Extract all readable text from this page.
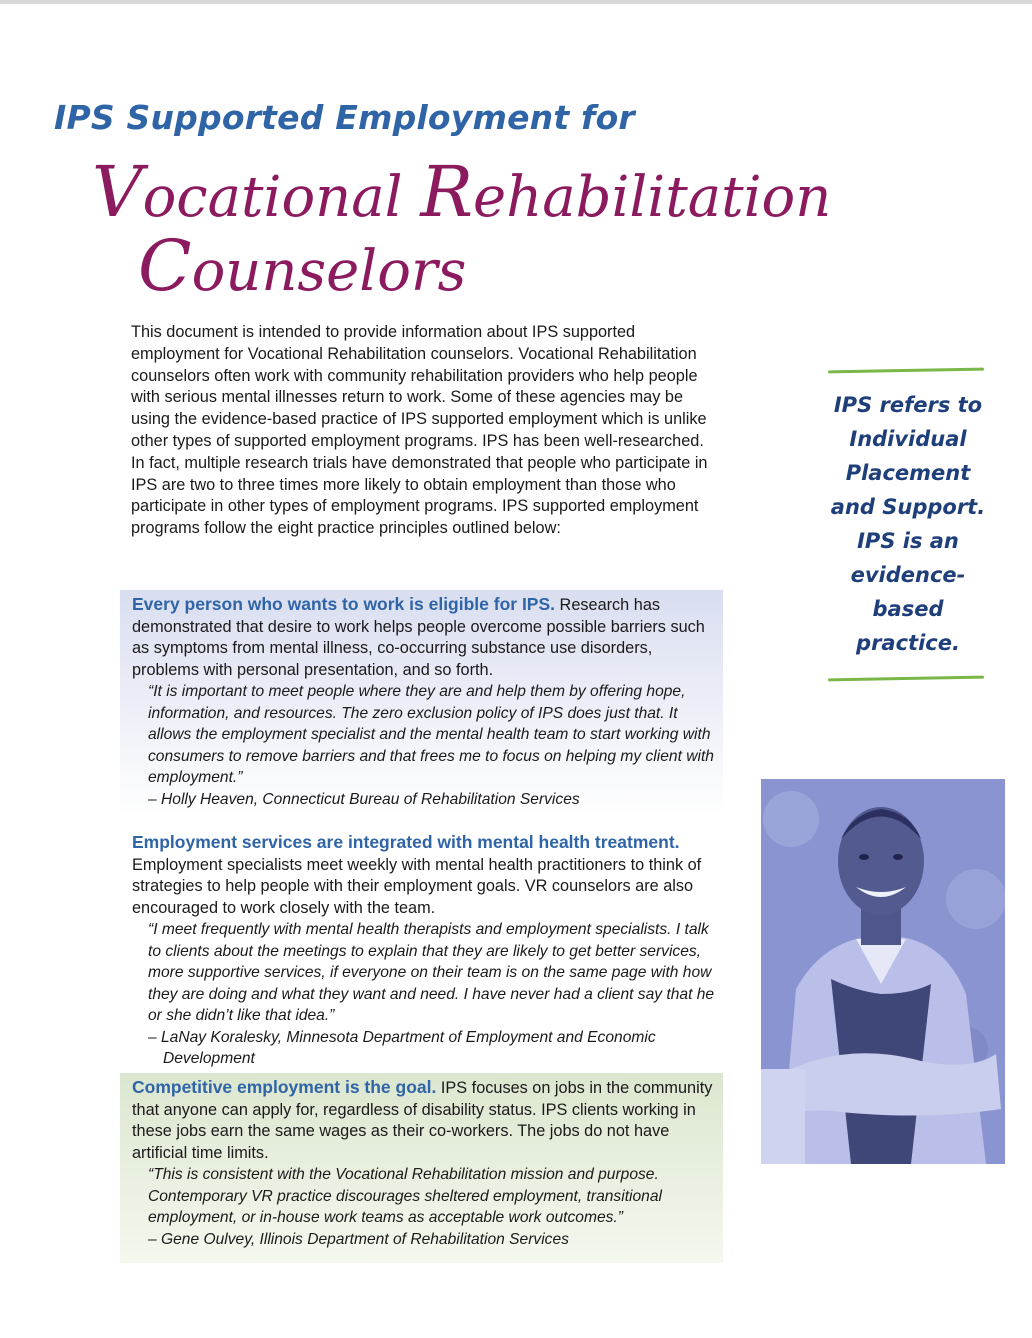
IPS Supported Employment for
Vocational Rehabilitation
Counselors
This document is intended to provide information about IPS supported employment for Vocational Rehabilitation counselors. Vocational Rehabilitation counselors often work with community rehabilitation providers who help people with serious mental illnesses return to work. Some of these agencies may be using the evidence-based practice of IPS supported employment which is unlike other types of supported employment programs. IPS has been well-researched. In fact, multiple research trials have demonstrated that people who participate in IPS are two to three times more likely to obtain employment than those who participate in other types of employment programs. IPS supported employment programs follow the eight practice principles outlined below:
IPS refers to Individual Placement and Support. IPS is an evidence-based practice.
Every person who wants to work is eligible for IPS. Research has demonstrated that desire to work helps people overcome possible barriers such as symptoms from mental illness, co-occurring substance use disorders, problems with personal presentation, and so forth.
“It is important to meet people where they are and help them by offering hope, information, and resources. The zero exclusion policy of IPS does just that. It allows the employment specialist and the mental health team to start working with consumers to remove barriers and that frees me to focus on helping my client with employment.”
– Holly Heaven, Connecticut Bureau of Rehabilitation Services
Employment services are integrated with mental health treatment. Employment specialists meet weekly with mental health practitioners to think of strategies to help people with their employment goals. VR counselors are also encouraged to work closely with the team.
“I meet frequently with mental health therapists and employment specialists. I talk to clients about the meetings to explain that they are likely to get better services, more supportive services, if everyone on their team is on the same page with how they are doing and what they want and need. I have never had a client say that he or she didn’t like that idea.”
– LaNay Koralesky, Minnesota Department of Employment and Economic
Development
Competitive employment is the goal. IPS focuses on jobs in the community that anyone can apply for, regardless of disability status. IPS clients working in these jobs earn the same wages as their co-workers. The jobs do not have artificial time limits.
“This is consistent with the Vocational Rehabilitation mission and purpose. Contemporary VR practice discourages sheltered employment, transitional employment, or in-house work teams as acceptable work outcomes.”
– Gene Oulvey, Illinois Department of Rehabilitation Services
